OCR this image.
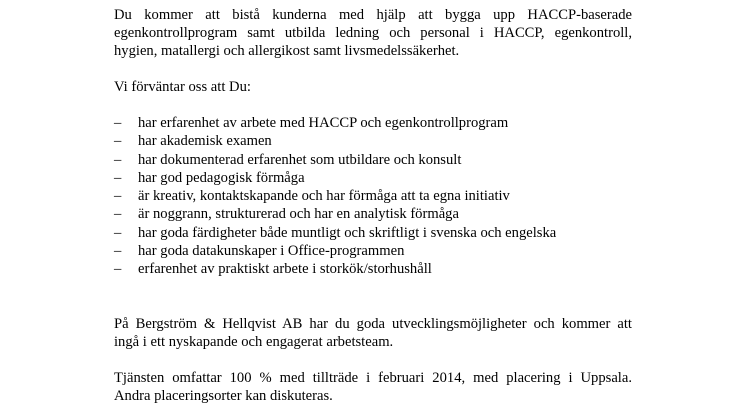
Du kommer att bistå kunderna med hjälp att bygga upp HACCP-baserade
egenkontrollprogram samt utbilda ledning och personal i HACCP, egenkontroll,
hygien, matallergi och allergikost samt livsmedelssäkerhet.

Vi förväntar oss att Du:

– har erfarenhet av arbete med HACCP och egenkontrollprogram
– har akademisk examen
– har dokumenterad erfarenhet som utbildare och konsult
– har god pedagogisk förmåga
– är kreativ, kontaktskapande och har förmåga att ta egna initiativ
– är noggrann, strukturerad och har en analytisk förmåga
– har goda färdigheter både muntligt och skriftligt i svenska och engelska
– har goda datakunskaper i Office-programmen
– erfarenhet av praktiskt arbete i storkök/storhushåll

På Bergström & Hellqvist AB har du goda utvecklingsmöjligheter och kommer att
ingå i ett nyskapande och engagerat arbetsteam.

Tjänsten omfattar 100 % med tillträde i februari 2014, med placering i Uppsala.
Andra placeringsorter kan diskuteras.
